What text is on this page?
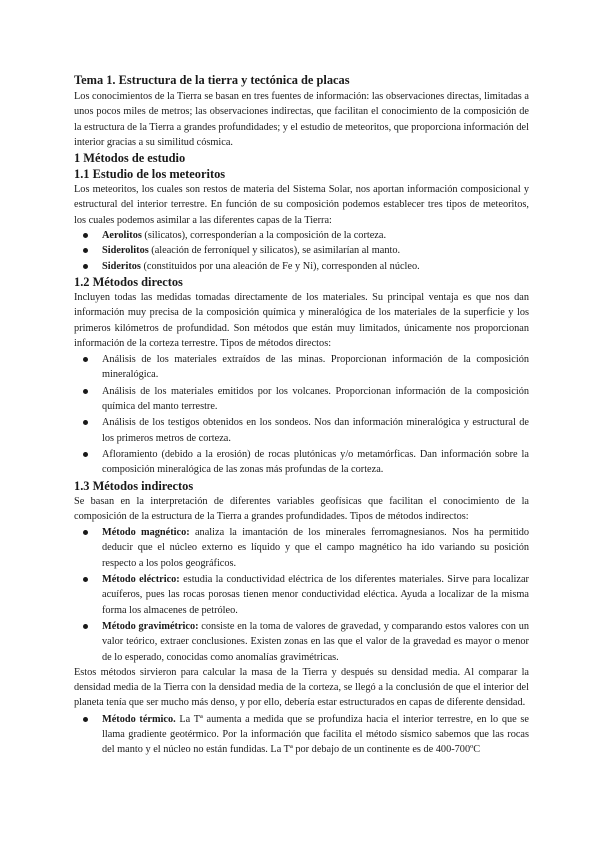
Tema 1. Estructura de la tierra y tectónica de placas

Los conocimientos de la Tierra se basan en tres fuentes de información: las observaciones directas, limitadas a unos pocos miles de metros; las observaciones indirectas, que facilitan el conocimiento de la composición de la estructura de la Tierra a grandes profundidades; y el estudio de meteoritos, que proporciona información del interior gracias a su similitud cósmica.

1 Métodos de estudio
1.1 Estudio de los meteoritos

Los meteoritos, los cuales son restos de materia del Sistema Solar, nos aportan información composicional y estructural del interior terrestre. En función de su composición podemos establecer tres tipos de meteoritos, los cuales podemos asimilar a las diferentes capas de la Tierra:

Aerolitos (silicatos), corresponderían a la composición de la corteza.
Siderolitos (aleación de ferroníquel y silicatos), se asimilarían al manto.
Sideritos (constituidos por una aleación de Fe y Ni), corresponden al núcleo.
1.2 Métodos directos

Incluyen todas las medidas tomadas directamente de los materiales. Su principal ventaja es que nos dan información muy precisa de la composición química y mineralógica de los materiales de la superficie y los primeros kilómetros de profundidad. Son métodos que están muy limitados, únicamente nos proporcionan información de la corteza terrestre. Tipos de métodos directos:

Análisis de los materiales extraídos de las minas. Proporcionan información de la composición mineralógica.
Análisis de los materiales emitidos por los volcanes. Proporcionan información de la composición química del manto terrestre.
Análisis de los testigos obtenidos en los sondeos. Nos dan información mineralógica y estructural de los primeros metros de corteza.
Afloramiento (debido a la erosión) de rocas plutónicas y/o metamórficas. Dan información sobre la composición mineralógica de las zonas más profundas de la corteza.
1.3 Métodos indirectos

Se basan en la interpretación de diferentes variables geofísicas que facilitan el conocimiento de la composición de la estructura de la Tierra a grandes profundidades. Tipos de métodos indirectos:

Método magnético: analiza la imantación de los minerales ferromagnesianos. Nos ha permitido deducir que el núcleo externo es líquido y que el campo magnético ha ido variando su posición respecto a los polos geográficos.
Método eléctrico: estudia la conductividad eléctrica de los diferentes materiales. Sirve para localizar acuíferos, pues las rocas porosas tienen menor conductividad eléctica. Ayuda a localizar de la misma forma los almacenes de petróleo.
Método gravimétrico: consiste en la toma de valores de gravedad, y comparando estos valores con un valor teórico, extraer conclusiones. Existen zonas en las que el valor de la gravedad es mayor o menor de lo esperado, conocidas como anomalías gravimétricas.

Estos métodos sirvieron para calcular la masa de la Tierra y después su densidad media. Al comparar la densidad media de la Tierra con la densidad media de la corteza, se llegó a la conclusión de que el interior del planeta tenía que ser mucho más denso, y por ello, debería estar estructurados en capas de diferente densidad.

Método térmico. La Tª aumenta a medida que se profundiza hacia el interior terrestre, en lo que se llama gradiente geotérmico. Por la información que facilita el método sísmico sabemos que las rocas del manto y el núcleo no están fundidas. La Tª por debajo de un continente es de 400-700ºC
